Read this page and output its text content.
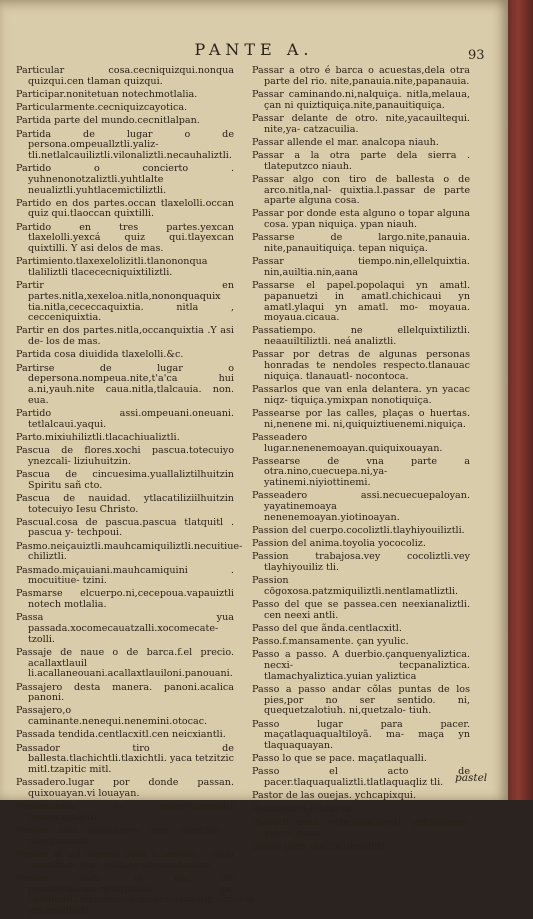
PANTE A.	93
Particular cosa.cecniquizqui.nonqua quizqui.cen tlaman quizqui.
Participar.nonitetuan notechmotlalia.
Particularmente.cecniquizcayotica.
Partida parte del mundo.cecnitlalpan.
Partida de lugar o de persona.ompeuallztli.yaliz-tli.netlalcauiliztli.vilonaliztli.necauhaliztli.
Partido o concierto . yuhnenonotzaliztli.yuhtlalte neualiztli.yuhtlacemictiliztli.
Partido en dos partes.occan tlaxelolli.occan quiz qui.tlaoccan quixtilli.
Partido en tres partes.yexcan tlaxelolli.yexcá quiz qui.tlayexcan quixtilli. Y asi delos de mas.
Partimiento.tlaxexelolizitli.tlanononqua tlaliliztli tlacececniquixtiliztli.
Partir en partes.nitla,xexeloa.nitla,nononquaquix tia.nitla,cececcaquixtia. nitla , cecceniquixtia.
Partir en dos partes.nitla,occanquixtia .Y asi de- los de mas.
Partida cosa diuidida tlaxelolli.&c.
Partirse de lugar o depersona.nompeua.nite,t'a'ca hui a.ni,yauh.nite caua.nitla,tlalcauia. non. eua.
Partido assi.ompeuani.oneuani. tetlalcaui.yaqui.
Parto.mixiuhiliztli.tlacachiualiztli.
Pascua de flores.xochi pascua.totecuiyo ynezcali- liziuhuitzin.
Pascua de cincuesima.yuallaliztilhuitzin Spiritu sañ cto.
Pascua de nauidad. ytlacatiliziilhuitzin totecuiyo Iesu Christo.
Pascual.cosa de pascua.pascua tlatquitl . pascua y- techpoui.
Pasmo.neiçauiztli.mauhcamiquiliztli.necuitiue- chiliztli.
Pasmado.miçauiani.mauhcamiquini . mocuitiue- tzini.
Pasmarse elcuerpo.ni,cecepoua.vapauiztli notech motlalia.
Passa yua passada.xocomecauatzalli.xocomecate- tzolli.
Passaje de naue o de barca.f.el precio. acallaxtlauil li.acallaneouani.acallaxtlauiloni.panouani.
Passajero desta manera. panoni.acalica panoni.
Passajero,o caminante.nenequi.nenemini.otocac.
Passada tendida.centlacxitl.cen neicxiantli.
Passador tiro de ballesta.tlachichtli.tlaxichtli. yaca tetzitzic mitl.tzapitic mitl.
Passadero.lugar por donde passan. quixouayan.vi louayan.
Passamiento de muerte.nemiliz tzunquiçaliztli.
Passar alos delanteros que caminan . nite,panauia.
Passar al sol alguna cosa o asolear . nitla ,tonalhua- tza . nitla,tonalquauhuatza.
Passar todo el dia fin proueccho.nic,nenquixtia yn- cemilhuitl.nicnencaua.nicnentlaça.nic,nêpoloa. yncemilhuitl.
Passar a otro é barca o acuestas,dela otra parte del rio. nite,panauia.nite,papanauia.
Passar caminando.ni,nalquiça. nitla,melaua, çan ni quiztiquiça.nite,panauitiquiça.
Passar delante de otro. nite,yacauiltequi. nite,ya- catzacuilia.
Passar allende el mar. analcopa niauh.
Passar a la otra parte dela sierra . tlateputzco niauh.
Passar algo con tiro de ballesta o de arco.nitla,nal- quixtia.l.passar de parte aparte alguna cosa.
Passar por donde esta alguno o topar alguna cosa. ypan niquiça. ypan niauh.
Passarse de largo.nite,panauia. nite,panauitiquiça. tepan niquiça.
Passar tiempo.nin,ellelquixtia. nin,auiltia.nin,aana
Passarse el papel.popolaqui yn amatl. papanuetzi in amatl.chichicaui yn amatl.ylaqui yn amatl. mo- moyaua. moyaua.cicaua.
Passatiempo. ne ellelquixtiliztli. neaauiltiliztli. neá analiztli.
Passar por detras de algunas personas honradas te nendoles respecto.tlanauac niquiça. tlanauatl- nocontoca.
Passarlos que van enla delantera. yn yacac niqz- tiquiça.ymixpan nonotiquiça.
Passearse por las calles, plaças o huertas. ni,nenene mi. ni,quiquiztiuenemi.niquiça.
Passeadero lugar.nenenemoayan.quiquixouayan.
Passearse de vna parte a otra.nino,cuecuepa.ni,ya- yatinemi.niyiottinemi.
Passeadero assi.necuecuepaloyan. yayatinemoaya nenenemoayan.yiotinoayan.
Passion del cuerpo.cocoliztli.tlayhiyouiliztli.
Passion del anima.toyolia yococoliz.
Passion trabajosa.vey cocoliztli.vey tlayhiyouiliz tli.
Passion cōgoxosa.patzmiquiliztli.nentlamatliztli.
Passo del que se passea.cen neexianaliztli. cen neexi antli.
Passo del que ãnda.centlacxitl.
Passo.f.mansamente. çan yyulic.
Passo a passo. A duerbio.çanquenyaliztica. necxi- tecpanaliztica. tlamachyaliztica.yuian yaliztica
Passo a passo andar cõlas puntas de los pies,por no ser sentido. ni, quequetzalotiuh. ni,quetzalo- tiuh.
Passo lugar para pacer. maçatlaquaqualtiloyã. ma- maça yn tlaquaquayan.
Passo lo que se pace. maçatlaqualli.
Passo el acto de pacer.tlaquaqualiztli.tlatlaquaqliz tli.
Pastor de las ouejas. ychcapixqui.
Pastorear.n,ichcapia.
Pastoril cosa. ychcapixcayotl. ychcapixqui ytech- poui.
pastel para tenir.xiuhquilitl.
pastel
